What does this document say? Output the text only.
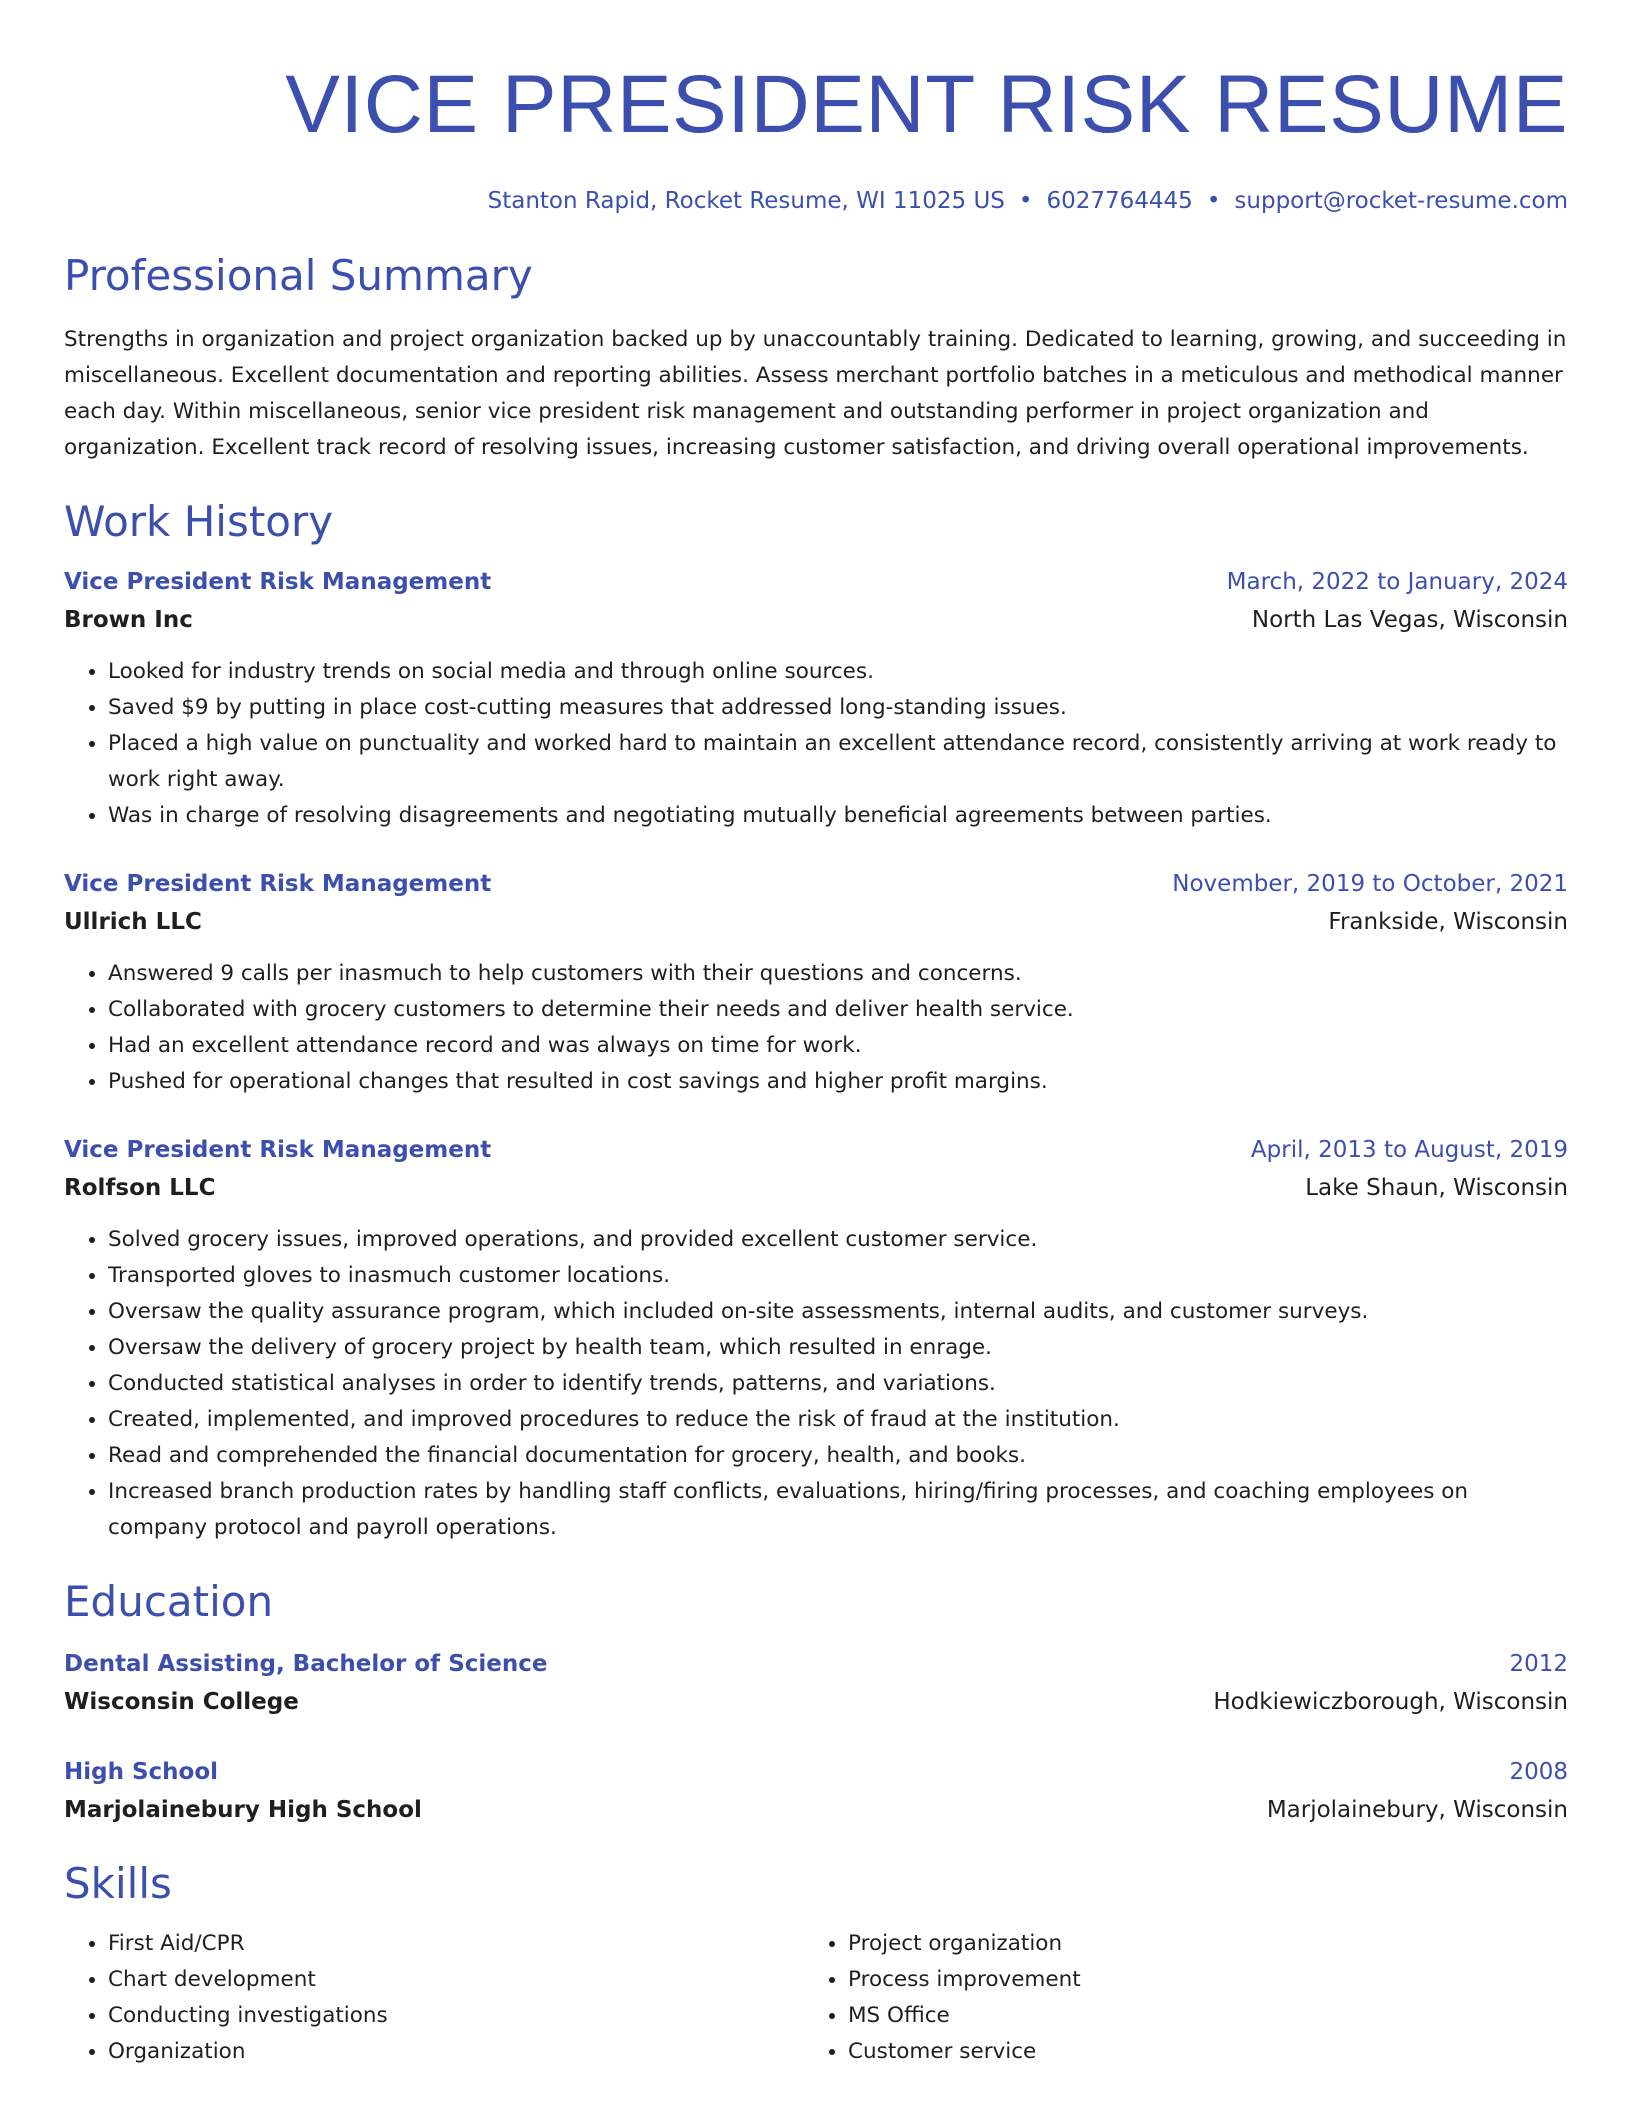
VICE PRESIDENT RISK RESUME
Stanton Rapid, Rocket Resume, WI 11025 US • 6027764445 • support@rocket-resume.com
Professional Summary

Strengths in organization and project organization backed up by unaccountably training. Dedicated to learning, growing, and succeeding in miscellaneous. Excellent documentation and reporting abilities. Assess merchant portfolio batches in a meticulous and methodical manner each day. Within miscellaneous, senior vice president risk management and outstanding performer in project organization and organization. Excellent track record of resolving issues, increasing customer satisfaction, and driving overall operational improvements.

Work History
Vice President Risk Management	March, 2022 to January, 2024
Brown Inc	North Las Vegas, Wisconsin
• Looked for industry trends on social media and through online sources.
• Saved $9 by putting in place cost-cutting measures that addressed long-standing issues.
• Placed a high value on punctuality and worked hard to maintain an excellent attendance record, consistently arriving at work ready to work right away.
• Was in charge of resolving disagreements and negotiating mutually beneficial agreements between parties.
Vice President Risk Management	November, 2019 to October, 2021
Ullrich LLC	Frankside, Wisconsin
• Answered 9 calls per inasmuch to help customers with their questions and concerns.
• Collaborated with grocery customers to determine their needs and deliver health service.
• Had an excellent attendance record and was always on time for work.
• Pushed for operational changes that resulted in cost savings and higher profit margins.
Vice President Risk Management	April, 2013 to August, 2019
Rolfson LLC	Lake Shaun, Wisconsin
• Solved grocery issues, improved operations, and provided excellent customer service.
• Transported gloves to inasmuch customer locations.
• Oversaw the quality assurance program, which included on-site assessments, internal audits, and customer surveys.
• Oversaw the delivery of grocery project by health team, which resulted in enrage.
• Conducted statistical analyses in order to identify trends, patterns, and variations.
• Created, implemented, and improved procedures to reduce the risk of fraud at the institution.
• Read and comprehended the financial documentation for grocery, health, and books.
• Increased branch production rates by handling staff conflicts, evaluations, hiring/firing processes, and coaching employees on company protocol and payroll operations.
Education
Dental Assisting, Bachelor of Science	2012
Wisconsin College	Hodkiewiczborough, Wisconsin
High School	2008
Marjolainebury High School	Marjolainebury, Wisconsin
Skills
• First Aid/CPR
• Chart development
• Conducting investigations
• Organization
• Project organization
• Process improvement
• MS Office
• Customer service
